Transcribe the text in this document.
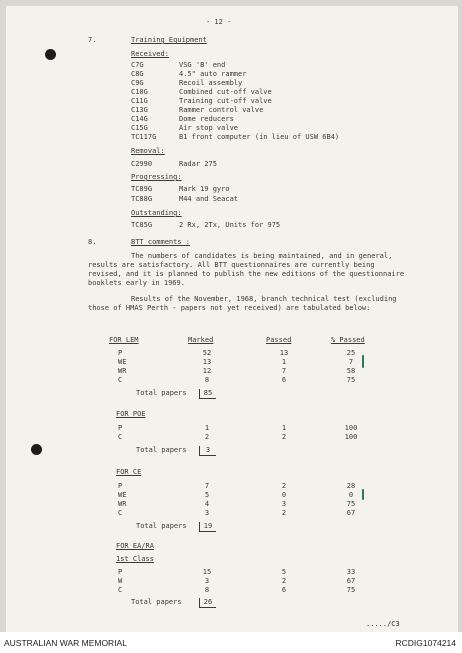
- 12 -
7.	Training Equipment
Received:
C7G	VSG 'B' end
C8G	4.5" auto rammer
C9G	Recoil assembly
C10G	Combined cut-off valve
C11G	Training cut-off valve
C13G	Rammer control valve
C14G	Dome reducers
C15G	Air stop valve
TC117G	B1 front computer (in lieu of USW 6B4)
Removal:
C2990	Radar 275
Progressing:
TC89G	Mark 19 gyro
TC88G	M44 and Seacat
Outstanding:
TC85G	2 Rx, 2Tx, Units for 975
8.	BTT comments :
The numbers of candidates is being maintained, and in general,
results are satisfactory. All BTT questionnaires are currently being
revised, and it is planned to publish the new editions of the questionnaire
booklets early in 1969.
Results of the November, 1968, branch technical test (excluding
those of HMAS Perth - papers not yet received) are tabulated below:
FOR LEM	Marked	Passed	% Passed
P	52	13	25
WE	13	1	7
WR	12	7	58
C	8	6	75
Total papers	85
FOR POE
P	1	1	100
C	2	2	100
Total papers	3
FOR CE
P	7	2	28
WE	5	0	0
WR	4	3	75
C	3	2	67
Total papers	19
FOR EA/RA
1st Class
P	15	5	33
W	3	2	67
C	8	6	75
Total papers	26
...../C3
AUSTRALIAN WAR MEMORIAL	RCDIG1074214
